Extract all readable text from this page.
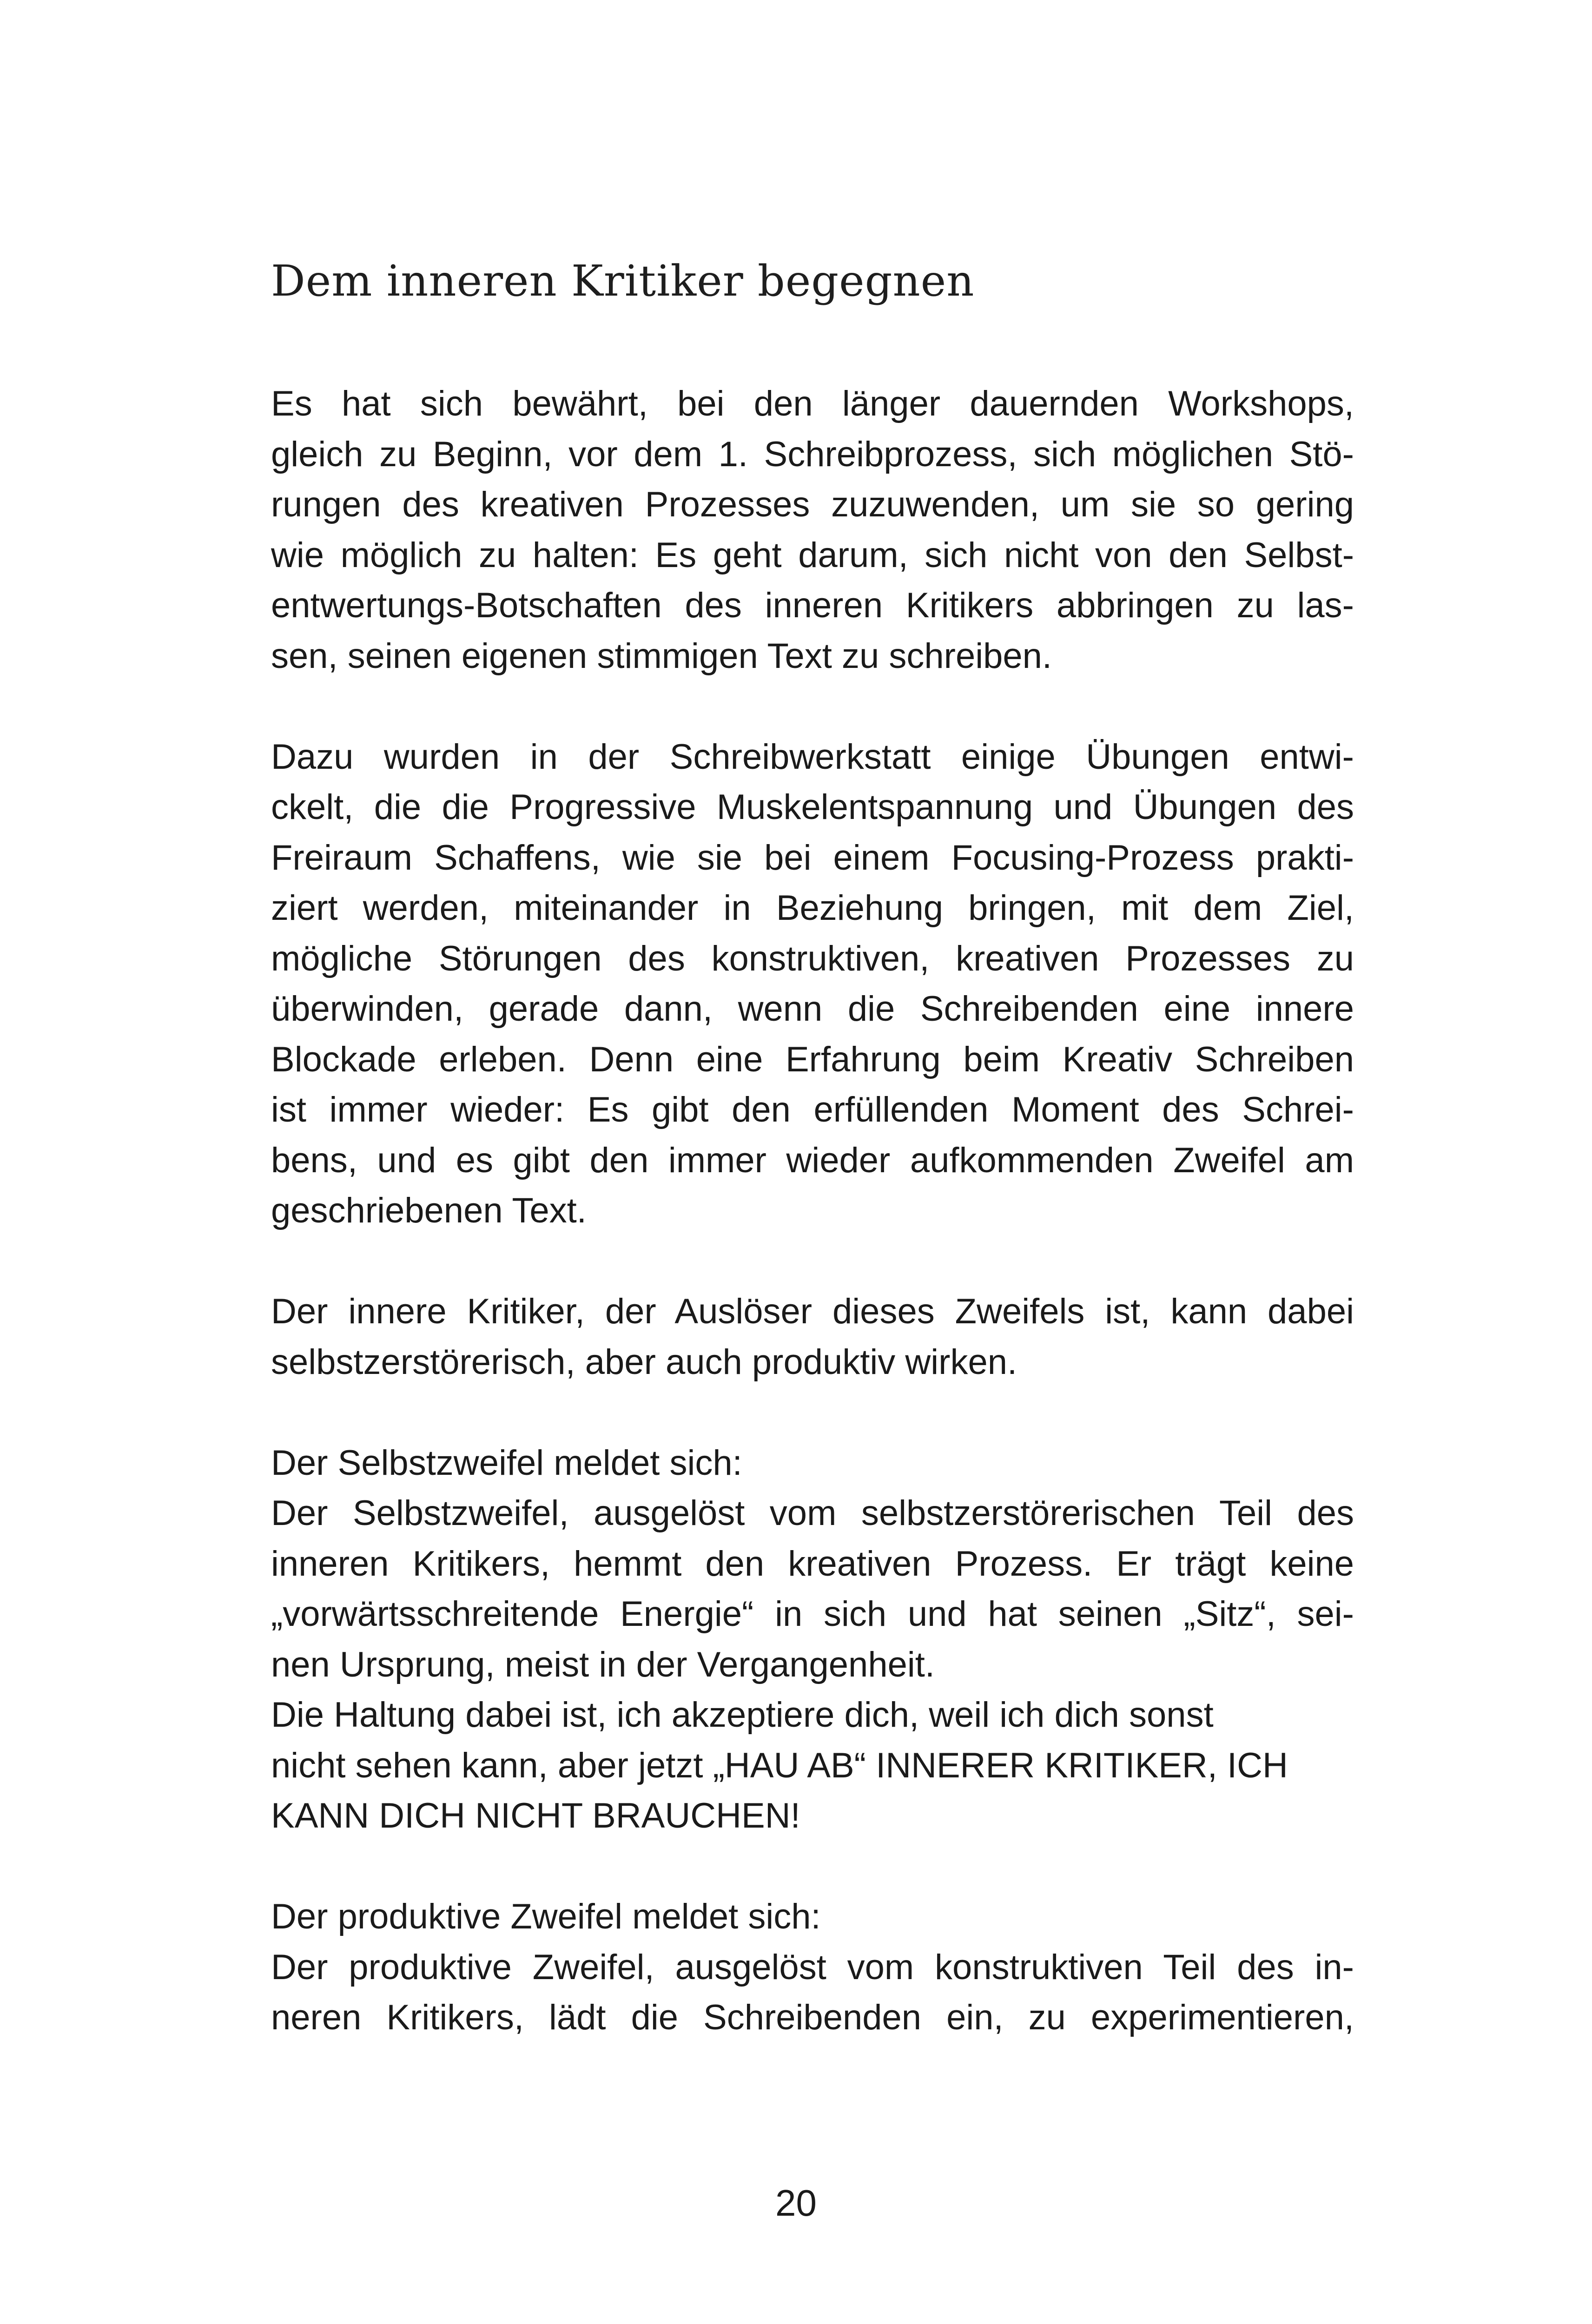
Dem inneren Kritiker begegnen
Es hat sich bewährt, bei den länger dauernden Workshops,
gleich zu Beginn, vor dem 1. Schreibprozess, sich möglichen Stö-
rungen des kreativen Prozesses zuzuwenden, um sie so gering
wie möglich zu halten: Es geht darum, sich nicht von den Selbst-
entwertungs-Botschaften des inneren Kritikers abbringen zu las-
sen, seinen eigenen stimmigen Text zu schreiben.
Dazu wurden in der Schreibwerkstatt einige Übungen entwi-
ckelt, die die Progressive Muskelentspannung und Übungen des
Freiraum Schaffens, wie sie bei einem Focusing-Prozess prakti-
ziert werden, miteinander in Beziehung bringen, mit dem Ziel,
mögliche Störungen des konstruktiven, kreativen Prozesses zu
überwinden, gerade dann, wenn die Schreibenden eine innere
Blockade erleben. Denn eine Erfahrung beim Kreativ Schreiben
ist immer wieder: Es gibt den erfüllenden Moment des Schrei-
bens, und es gibt den immer wieder aufkommenden Zweifel am
geschriebenen Text.
Der innere Kritiker, der Auslöser dieses Zweifels ist, kann dabei
selbstzerstörerisch, aber auch produktiv wirken.
Der Selbstzweifel meldet sich:
Der Selbstzweifel, ausgelöst vom selbstzerstörerischen Teil des
inneren Kritikers, hemmt den kreativen Prozess. Er trägt keine
„vorwärtsschreitende Energie“ in sich und hat seinen „Sitz“, sei-
nen Ursprung, meist in der Vergangenheit.
Die Haltung dabei ist, ich akzeptiere dich, weil ich dich sonst
nicht sehen kann, aber jetzt „HAU AB“ INNERER KRITIKER, ICH
KANN DICH NICHT BRAUCHEN!
Der produktive Zweifel meldet sich:
Der produktive Zweifel, ausgelöst vom konstruktiven Teil des in-
neren Kritikers, lädt die Schreibenden ein, zu experimentieren,
20
